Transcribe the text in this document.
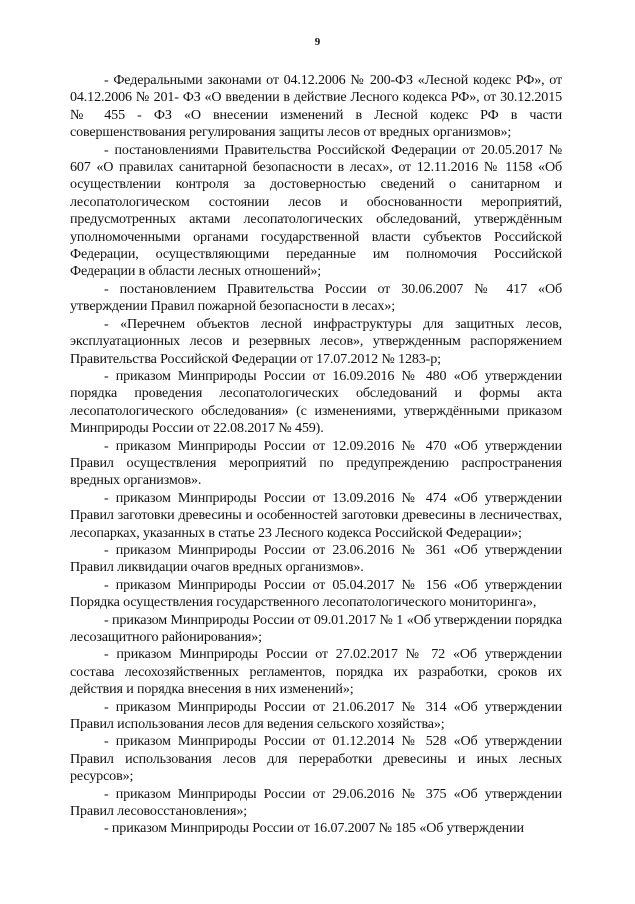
9

- Федеральными законами от 04.12.2006 № 200-ФЗ «Лесной кодекс РФ», от 04.12.2006 № 201- ФЗ «О введении в действие Лесного кодекса РФ», от 30.12.2015 № 455 - ФЗ «О внесении изменений в Лесной кодекс РФ в части совершенствования регулирования защиты лесов от вредных организмов»;

- постановлениями Правительства Российской Федерации от 20.05.2017 № 607 «О правилах санитарной безопасности в лесах», от 12.11.2016 № 1158 «Об осуществлении контроля за достоверностью сведений о санитарном и лесопатологическом состоянии лесов и обоснованности мероприятий, предусмотренных актами лесопатологических обследований, утверждённым уполномоченными органами государственной власти субъектов Российской Федерации, осуществляющими переданные им полномочия Российской Федерации в области лесных отношений»;

- постановлением Правительства России от 30.06.2007 № 417 «Об утверждении Правил пожарной безопасности в лесах»;

- «Перечнем объектов лесной инфраструктуры для защитных лесов, эксплуатационных лесов и резервных лесов», утвержденным распоряжением Правительства Российской Федерации от 17.07.2012 № 1283-р;

- приказом Минприроды России от 16.09.2016 № 480 «Об утверждении порядка проведения лесопатологических обследований и формы акта лесопатологического обследования» (с изменениями, утверждёнными приказом Минприроды России от 22.08.2017 № 459).

- приказом Минприроды России от 12.09.2016 № 470 «Об утверждении Правил осуществления мероприятий по предупреждению распространения вредных организмов».

- приказом Минприроды России от 13.09.2016 № 474 «Об утверждении Правил заготовки древесины и особенностей заготовки древесины в лесничествах, лесопарках, указанных в статье 23 Лесного кодекса Российской Федерации»;

- приказом Минприроды России от 23.06.2016 № 361 «Об утверждении Правил ликвидации очагов вредных организмов».

- приказом Минприроды России от 05.04.2017 № 156 «Об утверждении Порядка осуществления государственного лесопатологического мониторинга»,

- приказом Минприроды России от 09.01.2017 № 1 «Об утверждении порядка лесозащитного районирования»;

- приказом Минприроды России от 27.02.2017 № 72 «Об утверждении состава лесохозяйственных регламентов, порядка их разработки, сроков их действия и порядка внесения в них изменений»;

- приказом Минприроды России от 21.06.2017 № 314 «Об утверждении Правил использования лесов для ведения сельского хозяйства»;

- приказом Минприроды России от 01.12.2014 № 528 «Об утверждении Правил использования лесов для переработки древесины и иных лесных ресурсов»;

- приказом Минприроды России от 29.06.2016 № 375 «Об утверждении Правил лесовосстановления»;

- приказом Минприроды России от 16.07.2007 № 185 «Об утверждении
